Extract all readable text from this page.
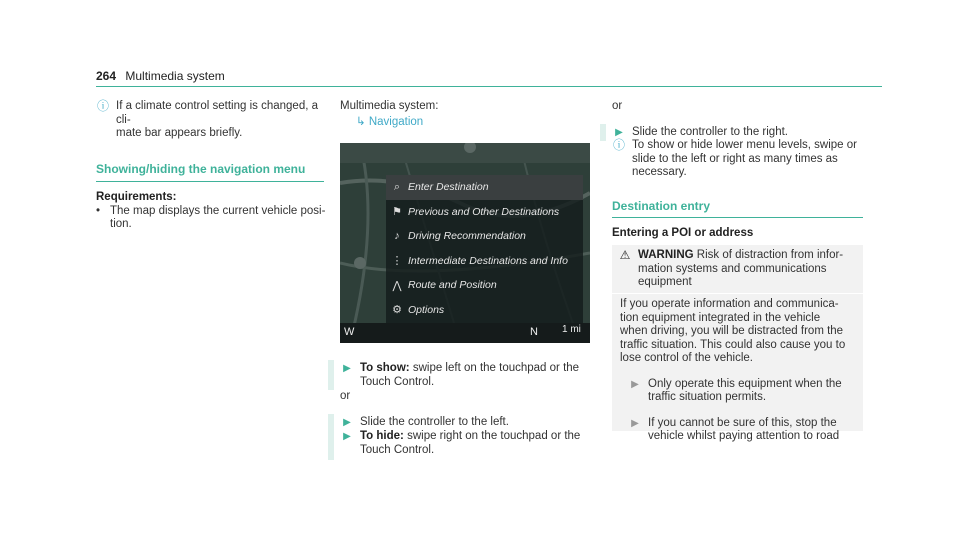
264 Multimedia system
ⓘ If a climate control setting is changed, a cli-
mate bar appears briefly.
Showing/hiding the navigation menu
Requirements:
• The map displays the current vehicle posi-
tion.
Multimedia system:
↳ Navigation
⌕ Enter Destination
⚑ Previous and Other Destinations
♪ Driving Recommendation
⋮ Intermediate Destinations and Info
⋀ Route and Position
⚙ Options
W	N 1 mi
▶ To show: swipe left on the touchpad or the
Touch Control.
or
▶ Slide the controller to the left.
▶ To hide: swipe right on the touchpad or the
Touch Control.
or
▶ Slide the controller to the right.
ⓘ To show or hide lower menu levels, swipe or
slide to the left or right as many times as
necessary.
Destination entry
Entering a POI or address
⚠ WARNING Risk of distraction from infor-
mation systems and communications
equipment
If you operate information and communica-
tion equipment integrated in the vehicle
when driving, you will be distracted from the
traffic situation. This could also cause you to
lose control of the vehicle.
▶ Only operate this equipment when the
traffic situation permits.
▶ If you cannot be sure of this, stop the
vehicle whilst paying attention to road
